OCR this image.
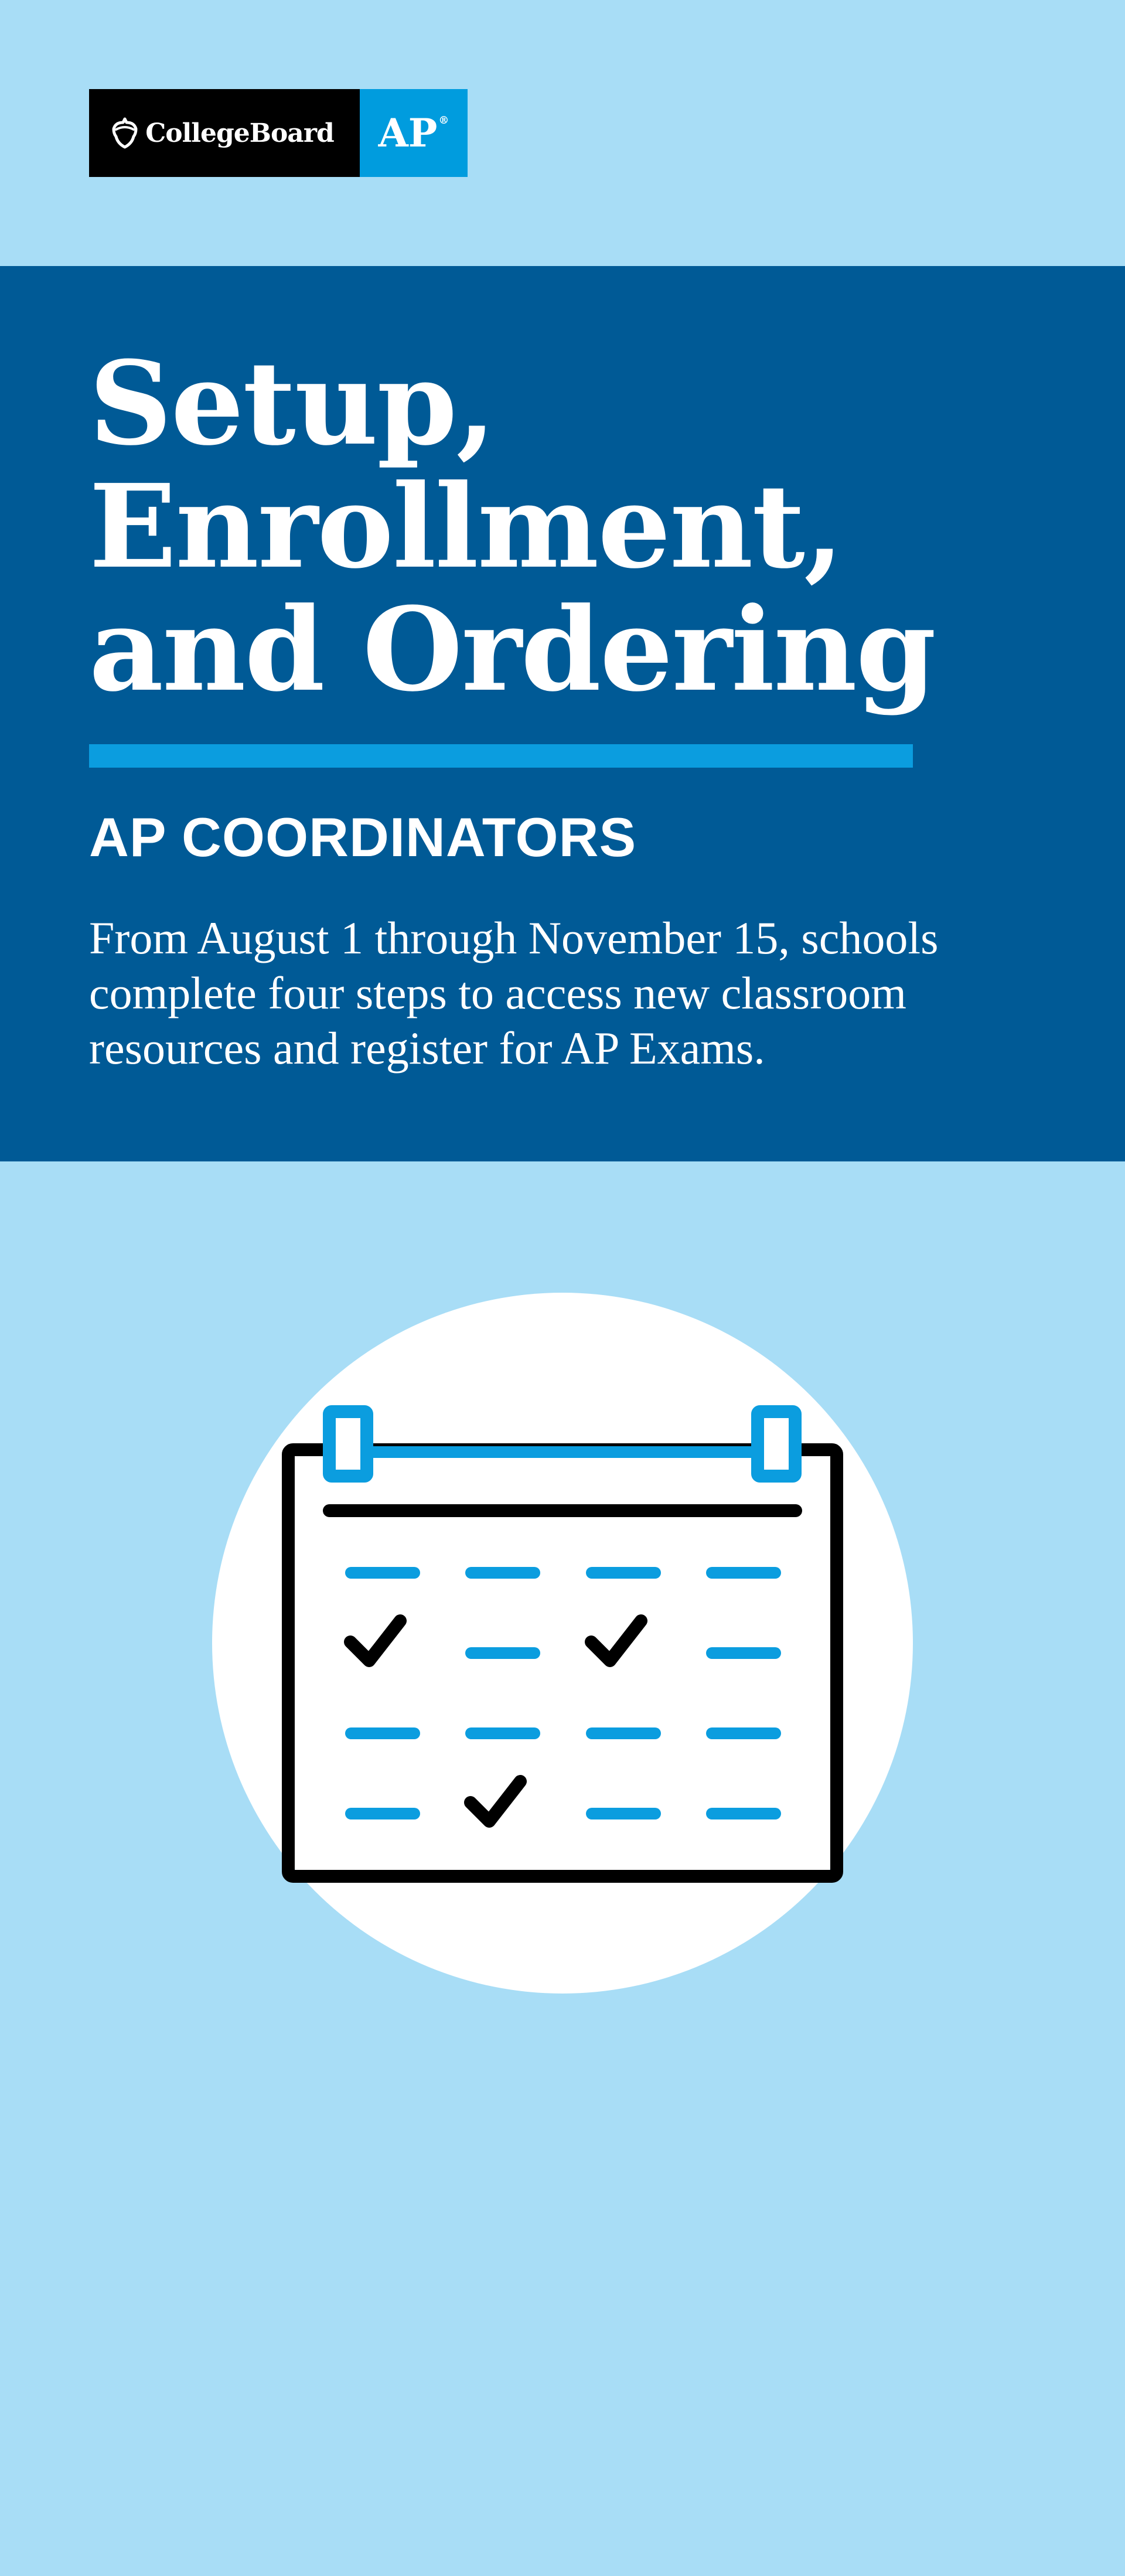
CollegeBoard AP®
Setup,
Enrollment,
and Ordering
AP COORDINATORS

From August 1 through November 15, schools complete four steps to access new classroom resources and register for AP Exams.
